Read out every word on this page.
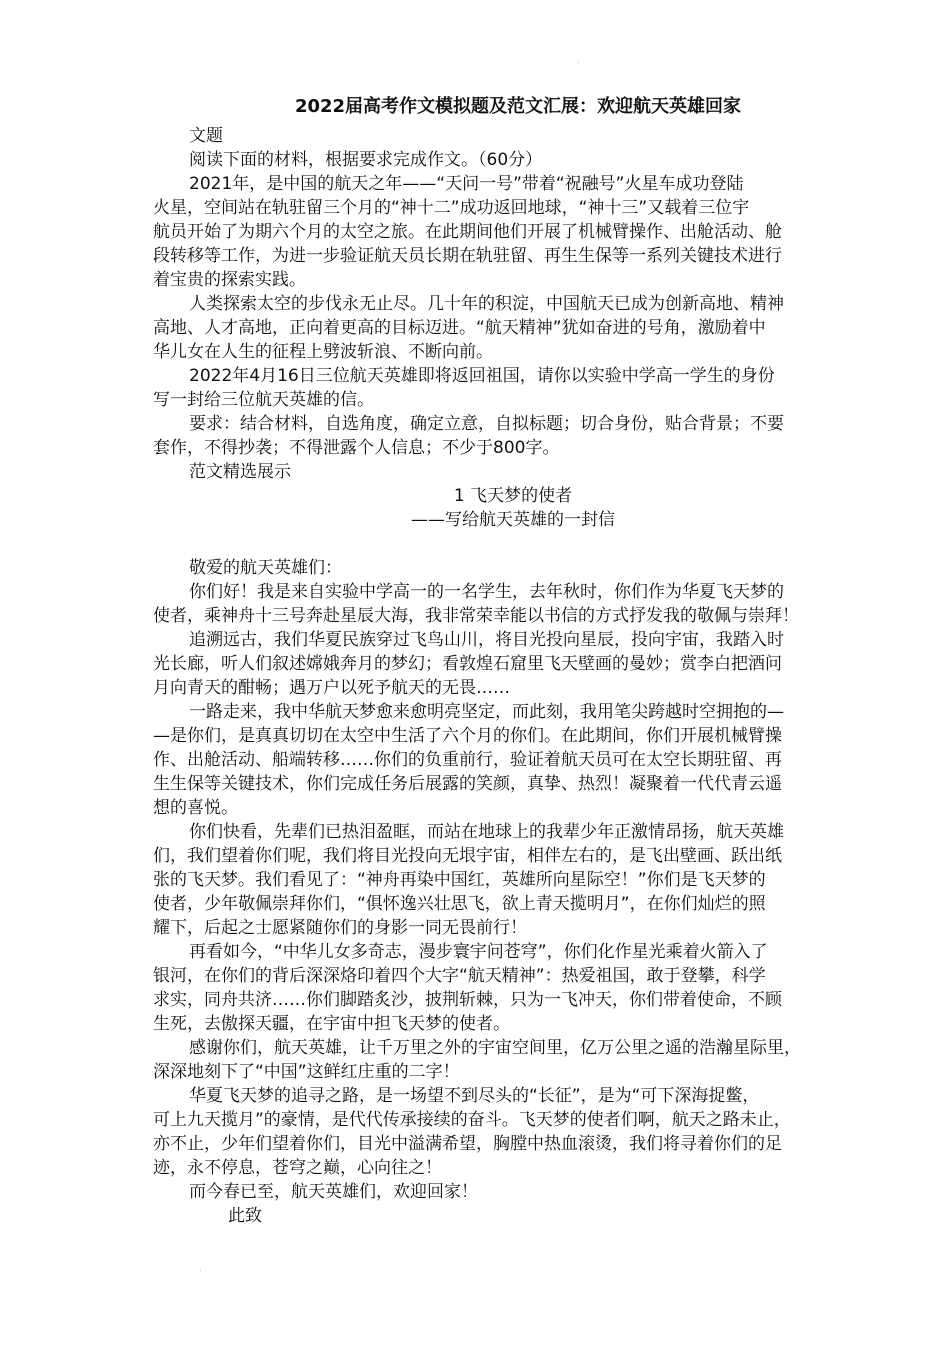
2022届高考作文模拟题及范文汇展：欢迎航天英雄回家

文题

阅读下面的材料，根据要求完成作文。（60分）

2021年，是中国的航天之年——“天问一号”带着“祝融号”火星车成功登陆

火星，空间站在轨驻留三个月的“神十二”成功返回地球，“神十三”又载着三位宇

航员开始了为期六个月的太空之旅。在此期间他们开展了机械臂操作、出舱活动、舱

段转移等工作，为进一步验证航天员长期在轨驻留、再生生保等一系列关键技术进行

着宝贵的探索实践。

人类探索太空的步伐永无止尽。几十年的积淀，中国航天已成为创新高地、精神

高地、人才高地，正向着更高的目标迈进。“航天精神”犹如奋进的号角，激励着中

华儿女在人生的征程上劈波斩浪、不断向前。

2022年4月16日三位航天英雄即将返回祖国，请你以实验中学高一学生的身份

写一封给三位航天英雄的信。

要求：结合材料，自选角度，确定立意，自拟标题；切合身份，贴合背景；不要

套作，不得抄袭；不得泄露个人信息；不少于800字。

范文精选展示

1 飞天梦的使者

——写给航天英雄的一封信

敬爱的航天英雄们：

你们好！我是来自实验中学高一的一名学生，去年秋时，你们作为华夏飞天梦的

使者，乘神舟十三号奔赴星辰大海，我非常荣幸能以书信的方式抒发我的敬佩与崇拜！

追溯远古，我们华夏民族穿过飞鸟山川，将目光投向星辰，投向宇宙，我踏入时

光长廊，听人们叙述嫦娥奔月的梦幻；看敦煌石窟里飞天壁画的曼妙；赏李白把酒问

月向青天的酣畅；遇万户以死予航天的无畏……

一路走来，我中华航天梦愈来愈明亮坚定，而此刻，我用笔尖跨越时空拥抱的—

—是你们，是真真切切在太空中生活了六个月的你们。在此期间，你们开展机械臂操

作、出舱活动、船端转移……你们的负重前行，验证着航天员可在太空长期驻留、再

生生保等关键技术，你们完成任务后展露的笑颜，真挚、热烈！凝聚着一代代青云遥

想的喜悦。

你们快看，先辈们已热泪盈眶，而站在地球上的我辈少年正激情昂扬，航天英雄

们，我们望着你们呢，我们将目光投向无垠宇宙，相伴左右的，是飞出壁画、跃出纸

张的飞天梦。我们看见了：“神舟再染中国红，英雄所向星际空！”你们是飞天梦的

使者，少年敬佩崇拜你们，“俱怀逸兴壮思飞，欲上青天揽明月”，在你们灿烂的照

耀下，后起之士愿紧随你们的身影一同无畏前行！

再看如今，“中华儿女多奇志，漫步寰宇问苍穹”，你们化作星光乘着火箭入了

银河，在你们的背后深深烙印着四个大字“航天精神”：热爱祖国，敢于登攀，科学

求实，同舟共济……你们脚踏炙沙，披荆斩棘，只为一飞冲天，你们带着使命，不顾

生死，去傲探天疆，在宇宙中担飞天梦的使者。

感谢你们，航天英雄，让千万里之外的宇宙空间里，亿万公里之遥的浩瀚星际里，

深深地刻下了“中国”这鲜红庄重的二字！

华夏飞天梦的追寻之路，是一场望不到尽头的“长征”，是为“可下深海捉鳖，

可上九天揽月”的豪情，是代代传承接续的奋斗。飞天梦的使者们啊，航天之路未止，

亦不止，少年们望着你们，目光中溢满希望，胸膛中热血滚烫，我们将寻着你们的足

迹，永不停息，苍穹之巅，心向往之！

而今春已至，航天英雄们，欢迎回家！

此致
